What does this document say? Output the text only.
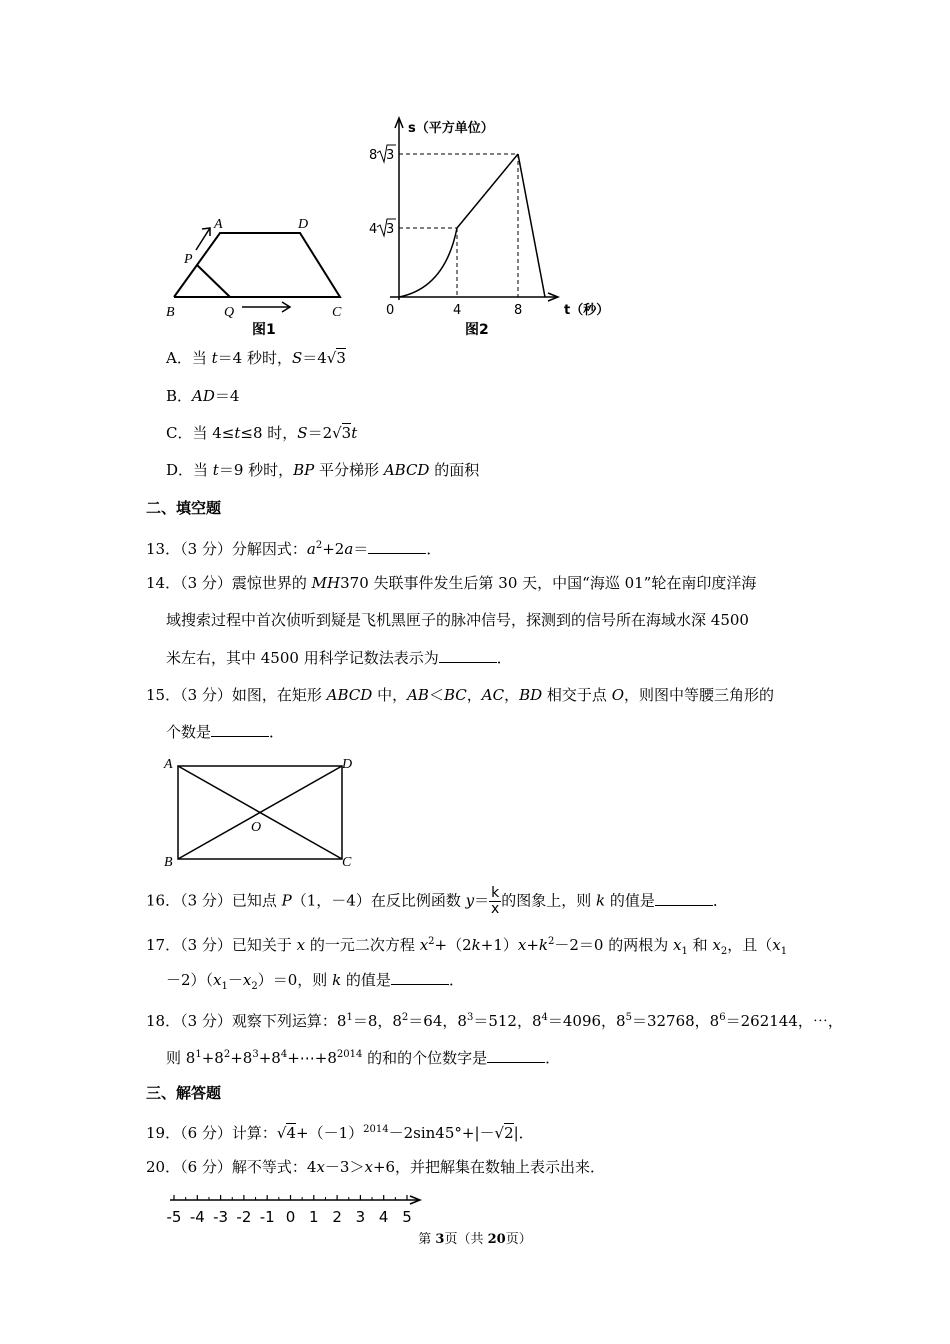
A	D
P
B	Q	C
图1
s（平方单位）
t（秒）
8 3
4 3
0	4	8
图2
A．当 t＝4 秒时，S＝4√3
B．AD＝4
C．当 4≤t≤8 时，S＝2√3t
D．当 t＝9 秒时，BP 平分梯形 ABCD 的面积
二、填空题
13．（3 分）分解因式：$a^2+2a=$	．
14．（3 分）震惊世界的 MH370 失联事件发生后第 30 天，中国“海巡 01”轮在南印度洋海
域搜索过程中首次侦听到疑是飞机黑匣子的脉冲信号，探测到的信号所在海域水深 4500
米左右，其中 4500 用科学记数法表示为	．
15．（3 分）如图，在矩形 ABCD 中，AB＜BC，AC，BD 相交于点 O，则图中等腰三角形的
个数是	．
A	D
O
B	C
16．（3 分）已知点 P（1，－4）在反比例函数 $y= \frac{k}{x}$ 的图象上，则 k 的值是	．
17．（3 分）已知关于 x 的一元二次方程 $x^2+(2k+1)x+k^2-2=0$ 的两根为 $x_1$ 和 $x_2$，且（$x_1$
$-2)(x_1-x_2)=0$，则 k 的值是	．
18．（3 分）观察下列运算：$8^1=8$，$8^2=64$，$8^3=512$，$8^4=4096$，$8^5=32768$，$8^6=262144$，⋯，
则 $8^1+8^2+8^3+8^4+\cdots+8^{2014}$ 的和的个位数字是	．
三、解答题
19．（6 分）计算：$√4+(-1)^{2014}-2\sin 45^\circ+|-√2|$．
20．（6 分）解不等式：4x－3＞x+6，并把解集在数轴上表示出来．
-5 -4 -3 -2 -1 0 1 2 3 4 5
第 3页（共 20页）
